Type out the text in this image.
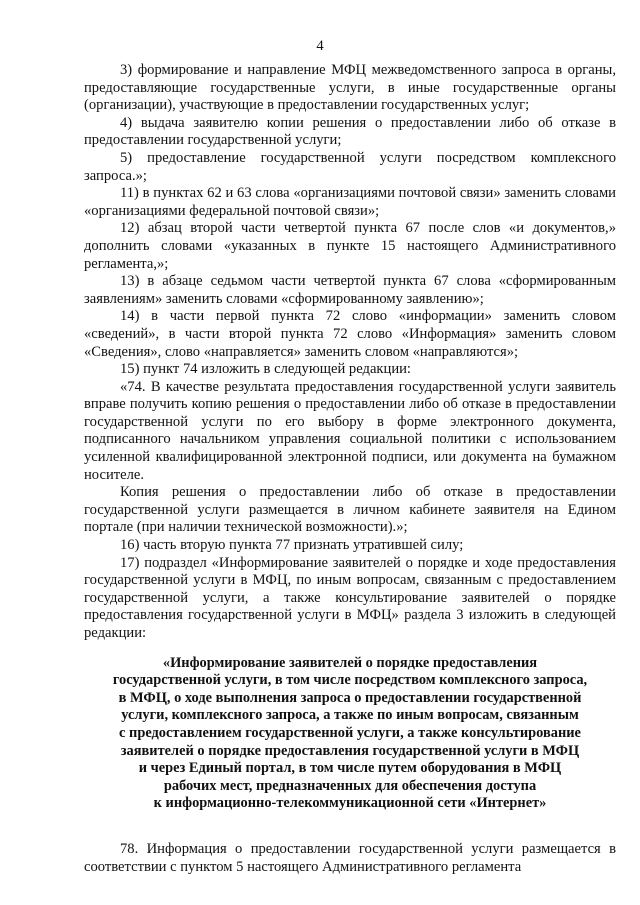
4

3) формирование и направление МФЦ межведомственного запроса в органы, предоставляющие государственные услуги, в иные государственные органы (организации), участвующие в предоставлении государственных услуг;

4) выдача заявителю копии решения о предоставлении либо об отказе в предоставлении государственной услуги;

5) предоставление государственной услуги посредством комплексного запроса.»;

11) в пунктах 62 и 63 слова «организациями почтовой связи» заменить словами «организациями федеральной почтовой связи»;

12) абзац второй части четвертой пункта 67 после слов «и документов,» дополнить словами «указанных в пункте 15 настоящего Административного регламента,»;

13) в абзаце седьмом части четвертой пункта 67 слова «сформированным заявлениям» заменить словами «сформированному заявлению»;

14) в части первой пункта 72 слово «информации» заменить словом «сведений», в части второй пункта 72 слово «Информация» заменить словом «Сведения», слово «направляется» заменить словом «направляются»;

15) пункт 74 изложить в следующей редакции:

«74. В качестве результата предоставления государственной услуги заявитель вправе получить копию решения о предоставлении либо об отказе в предоставлении государственной услуги по его выбору в форме электронного документа, подписанного начальником управления социальной политики с использованием усиленной квалифицированной электронной подписи, или документа на бумажном носителе.

Копия решения о предоставлении либо об отказе в предоставлении государственной услуги размещается в личном кабинете заявителя на Едином портале (при наличии технической возможности).»;

16) часть вторую пункта 77 признать утратившей силу;

17) подраздел «Информирование заявителей о порядке и ходе предоставления государственной услуги в МФЦ, по иным вопросам, связанным с предоставлением государственной услуги, а также консультирование заявителей о порядке предоставления государственной услуги в МФЦ» раздела 3 изложить в следующей редакции:

«Информирование заявителей о порядке предоставления
государственной услуги, в том числе посредством комплексного запроса,
в МФЦ, о ходе выполнения запроса о предоставлении государственной
услуги, комплексного запроса, а также по иным вопросам, связанным
с предоставлением государственной услуги, а также консультирование
заявителей о порядке предоставления государственной услуги в МФЦ
и через Единый портал, в том числе путем оборудования в МФЦ
рабочих мест, предназначенных для обеспечения доступа
к информационно-телекоммуникационной сети «Интернет»

78. Информация о предоставлении государственной услуги размещается в соответствии с пунктом 5 настоящего Административного регламента
